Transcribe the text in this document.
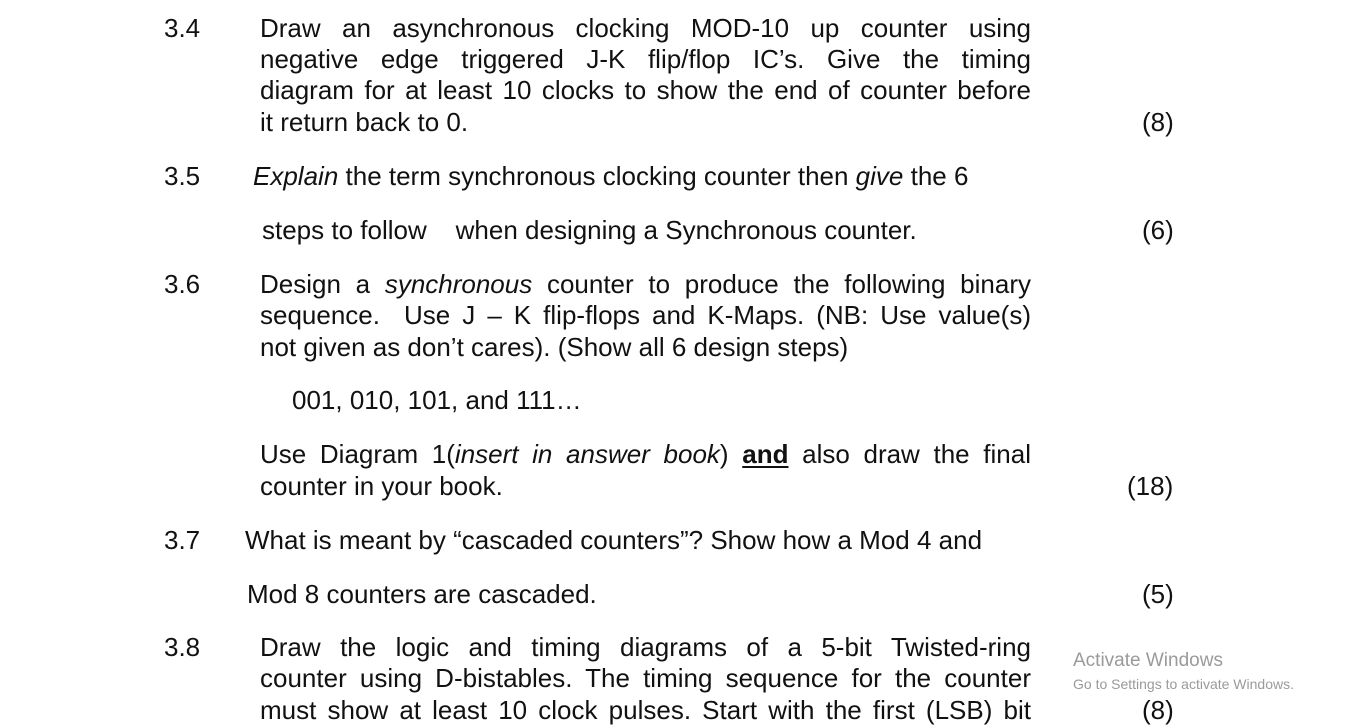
3.4 Draw an asynchronous clocking MOD-10 up counter using
negative edge triggered J-K flip/flop IC’s. Give the timing
diagram for at least 10 clocks to show the end of counter before
it return back to 0.	(8)
3.5 Explain the term synchronous clocking counter then give the 6
steps to follow    when designing a Synchronous counter.	(6)
3.6 Design a synchronous counter to produce the following binary
sequence.  Use J – K flip-flops and K-Maps. (NB: Use value(s)
not given as don’t cares). (Show all 6 design steps)
001, 010, 101, and 111…
Use Diagram 1(insert in answer book) and also draw the final
counter in your book.	(18)
3.7 What is meant by “cascaded counters”? Show how a Mod 4 and
Mod 8 counters are cascaded.	(5)
3.8 Draw the logic and timing diagrams of a 5-bit Twisted-ring
counter using D-bistables. The timing sequence for the counter
must show at least 10 clock pulses. Start with the first (LSB) bit	(8)
Activate Windows
Go to Settings to activate Windows.
